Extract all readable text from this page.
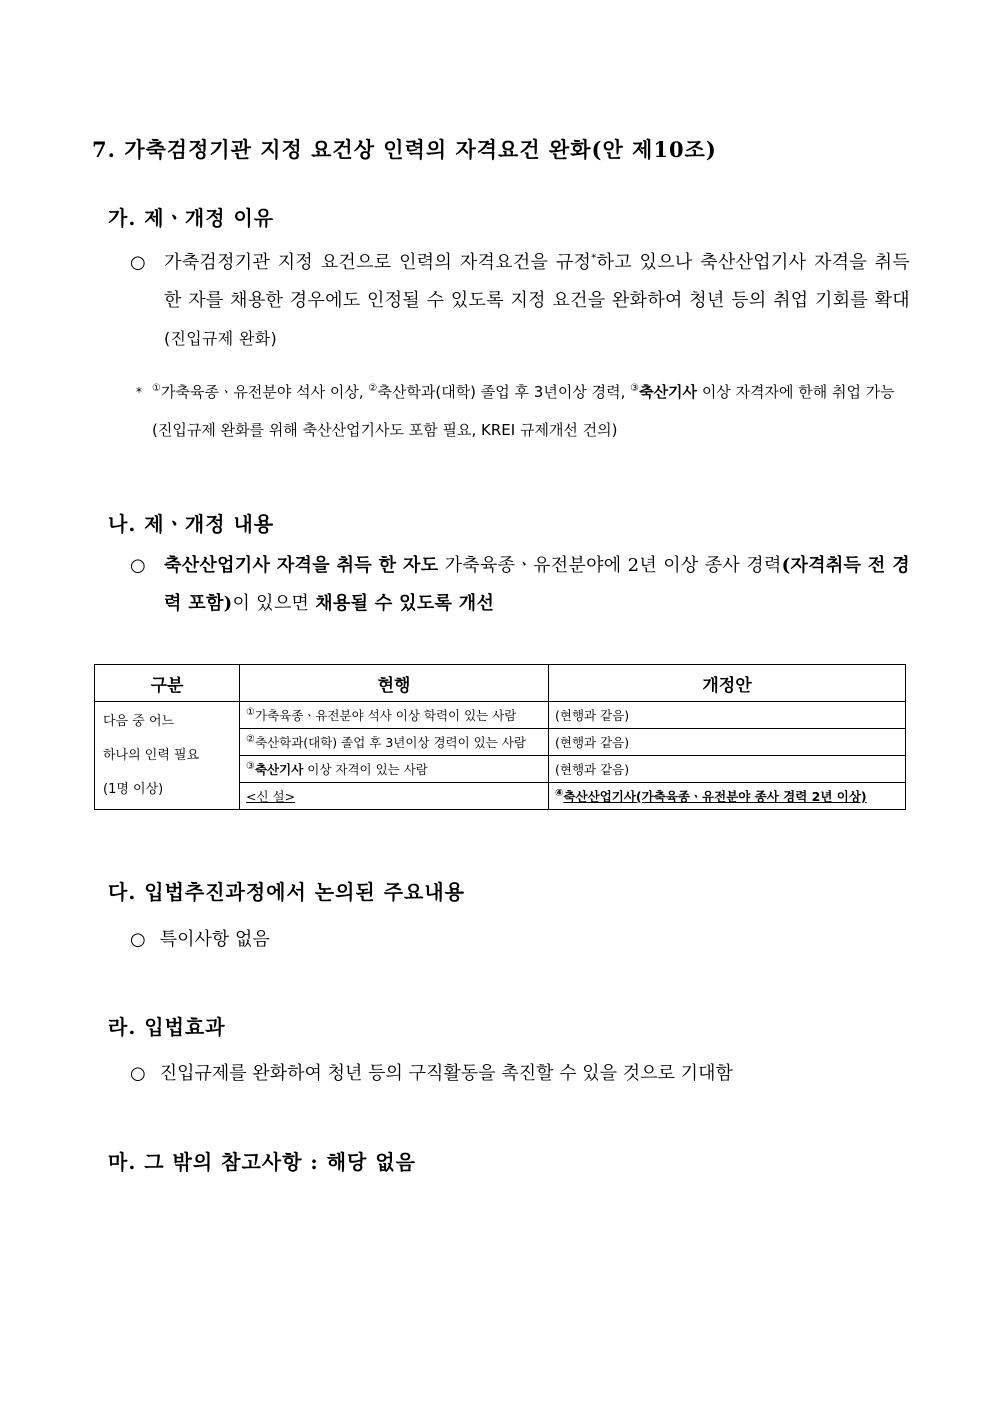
7. 가축검정기관 지정 요건상 인력의 자격요건 완화(안 제10조)
가. 제ㆍ개정 이유
○ 가축검정기관 지정 요건으로 인력의 자격요건을 규정*하고 있으나 축산산업기사 자격을 취득한 자를 채용한 경우에도 인정될 수 있도록 지정 요건을 완화하여 청년 등의 취업 기회를 확대(진입규제 완화)
* ①가축육종ㆍ유전분야 석사 이상, ②축산학과(대학) 졸업 후 3년이상 경력, ③축산기사 이상 자격자에 한해 취업 가능(진입규제 완화를 위해 축산산업기사도 포함 필요, KREI 규제개선 건의)
나. 제ㆍ개정 내용
○ 축산산업기사 자격을 취득 한 자도 가축육종ㆍ유전분야에 2년 이상 종사 경력(자격취득 전 경력 포함)이 있으면 채용될 수 있도록 개선
구분	현행	개정안

다음 중 어느
하나의 인력 필요
(1명 이상)	①가축육종ㆍ유전분야 석사 이상 학력이 있는 사람	(현행과 같음)
	②축산학과(대학) 졸업 후 3년이상 경력이 있는 사람	(현행과 같음)
	③축산기사 이상 자격이 있는 사람	(현행과 같음)
	<신 설>	④축산산업기사(가축육종ㆍ유전분야 종사 경력 2년 이상)
다. 입법추진과정에서 논의된 주요내용
○ 특이사항 없음
라. 입법효과
○ 진입규제를 완화하여 청년 등의 구직활동을 촉진할 수 있을 것으로 기대함
마. 그 밖의 참고사항 : 해당 없음
